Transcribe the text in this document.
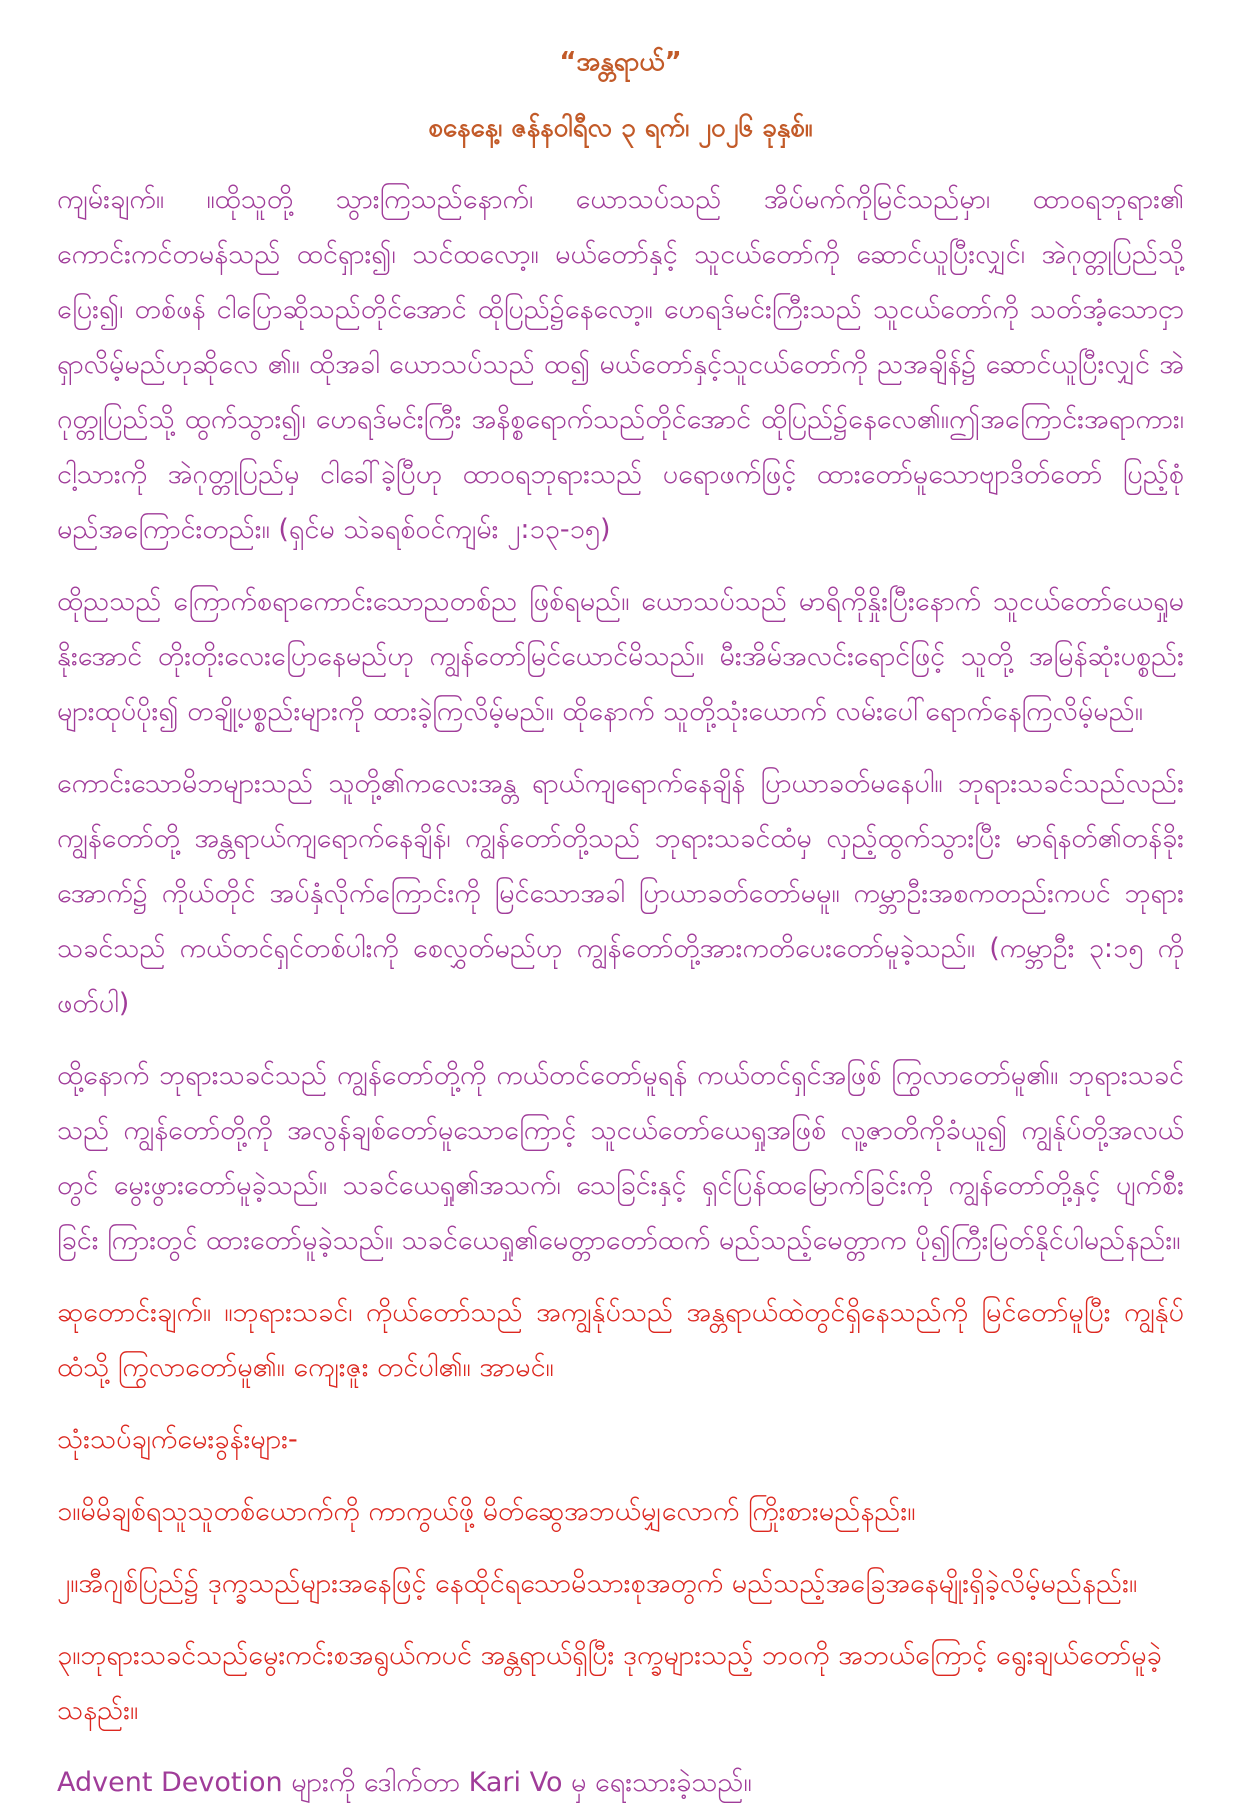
“အန္တရာယ်”
စနေနေ့၊ ဇန်နဝါရီလ ၃ ရက်၊ ၂၀၂၆ ခုနှစ်။

ကျမ်းချက်။ ။ထိုသူတို့ သွားကြသည်နောက်၊ ယောသပ်သည် အိပ်မက်ကိုမြင်သည်မှာ၊ ထာဝရဘုရား၏ ကောင်းကင်တမန်သည် ထင်ရှား၍၊ သင်ထလော့။ မယ်တော်နှင့် သူငယ်တော်ကို ဆောင်ယူပြီးလျှင်၊ အဲဂုတ္တုပြည်သို့ပြေး၍၊ တစ်ဖန် ငါပြောဆိုသည်တိုင်အောင် ထိုပြည်၌နေလော့။ ဟေရဒ်မင်းကြီးသည် သူငယ်တော်ကို သတ်အံ့သောငှာ ရှာလိမ့်မည်ဟုဆိုလေ ၏။ ထိုအခါ ယောသပ်သည် ထ၍ မယ်တော်နှင့်သူငယ်တော်ကို ညအချိန်၌ ဆောင်ယူပြီးလျှင် အဲဂုတ္တုပြည်သို့ ထွက်သွား၍၊ ဟေရဒ်မင်းကြီး အနိစ္စရောက်သည်တိုင်အောင် ထိုပြည်၌နေလေ၏။ဤအကြောင်းအရာကား၊ ငါ့သားကို အဲဂုတ္တုပြည်မှ ငါခေါ်ခဲ့ပြီဟု ထာဝရဘုရားသည် ပရောဖက်ဖြင့် ထားတော်မူသောဗျာဒိတ်တော် ပြည့်စုံမည်အကြောင်းတည်း။ (ရှင်မ သဲခရစ်ဝင်ကျမ်း ၂:၁၃-၁၅)

ထိုညသည် ကြောက်စရာကောင်းသောညတစ်ည ဖြစ်ရမည်။ ယောသပ်သည် မာရိကိုနှိုးပြီးနောက် သူငယ်တော်ယေရှုမနိုးအောင် တိုးတိုးလေးပြောနေမည်ဟု ကျွန်တော်မြင်ယောင်မိသည်။ မီးအိမ်အလင်းရောင်ဖြင့် သူတို့ အမြန်ဆုံးပစ္စည်းများထုပ်ပိုး၍ တချို့ပစ္စည်းများကို ထားခဲ့ကြလိမ့်မည်။ ထိုနောက် သူတို့သုံးယောက် လမ်းပေါ်ရောက်နေကြလိမ့်မည်။

ကောင်းသောမိဘများသည် သူတို့၏ကလေးအန္တ ရာယ်ကျရောက်နေချိန် ပြာယာခတ်မနေပါ။ ဘုရားသခင်သည်လည်း ကျွန်တော်တို့ အန္တရာယ်ကျရောက်နေချိန်၊ ကျွန်တော်တို့သည် ဘုရားသခင်ထံမှ လှည့်ထွက်သွားပြီး မာရ်နတ်၏တန်ခိုးအောက်၌ ကိုယ်တိုင် အပ်နှံလိုက်ကြောင်းကို မြင်သောအခါ ပြာယာခတ်တော်မမူ။ ကမ္ဘာဦးအစကတည်းကပင် ဘုရား သခင်သည် ကယ်တင်ရှင်တစ်ပါးကို စေလွှတ်မည်ဟု ကျွန်တော်တို့အားကတိပေးတော်မူခဲ့သည်။ (ကမ္ဘာဦး ၃:၁၅ ကိုဖတ်ပါ)

ထို့နောက် ဘုရားသခင်သည် ကျွန်တော်တို့ကို ကယ်တင်တော်မူရန် ကယ်တင်ရှင်အဖြစ် ကြွလာတော်မူ၏။ ဘုရားသခင်သည် ကျွန်တော်တို့ကို အလွန်ချစ်တော်မူသောကြောင့် သူငယ်တော်ယေရှုအဖြစ် လူ့ဇာတိကိုခံယူ၍ ကျွန်ုပ်တို့အလယ်တွင် မွေးဖွားတော်မူခဲ့သည်။ သခင်ယေရှု၏အသက်၊ သေခြင်းနှင့် ရှင်ပြန်ထမြောက်ခြင်းကို ကျွန်တော်တို့နှင့် ပျက်စီးခြင်း ကြားတွင် ထားတော်မူခဲ့သည်။ သခင်ယေရှု၏မေတ္တာတော်ထက် မည်သည့်မေတ္တာက ပို၍ကြီးမြတ်နိုင်ပါမည်နည်း။

ဆုတောင်းချက်။ ။ဘုရားသခင်၊ ကိုယ်တော်သည် အကျွန်ုပ်သည် အန္တရာယ်ထဲတွင်ရှိနေသည်ကို မြင်တော်မူပြီး ကျွန်ုပ်ထံသို့ ကြွလာတော်မူ၏။ ကျေးဇူး တင်ပါ၏။ အာမင်။

သုံးသပ်ချက်မေးခွန်းများ-

၁။မိမိချစ်ရသူသူတစ်ယောက်ကို ကာကွယ်ဖို့ မိတ်ဆွေအဘယ်မျှလောက် ကြိုးစားမည်နည်း။

၂။အီဂျစ်ပြည်၌ ဒုက္ခသည်များအနေဖြင့် နေထိုင်ရသောမိသားစုအတွက် မည်သည့်အခြေအနေမျိုးရှိခဲ့လိမ့်မည်နည်း။

၃။ဘုရားသခင်သည်မွေးကင်းစအရွယ်ကပင် အန္တရာယ်ရှိပြီး ဒုက္ခများသည့် ဘဝကို အဘယ်ကြောင့် ရွေးချယ်တော်မူခဲ့သနည်း။

Advent Devotion များကို ဒေါက်တာ Kari Vo မှ ရေးသားခဲ့သည်။
